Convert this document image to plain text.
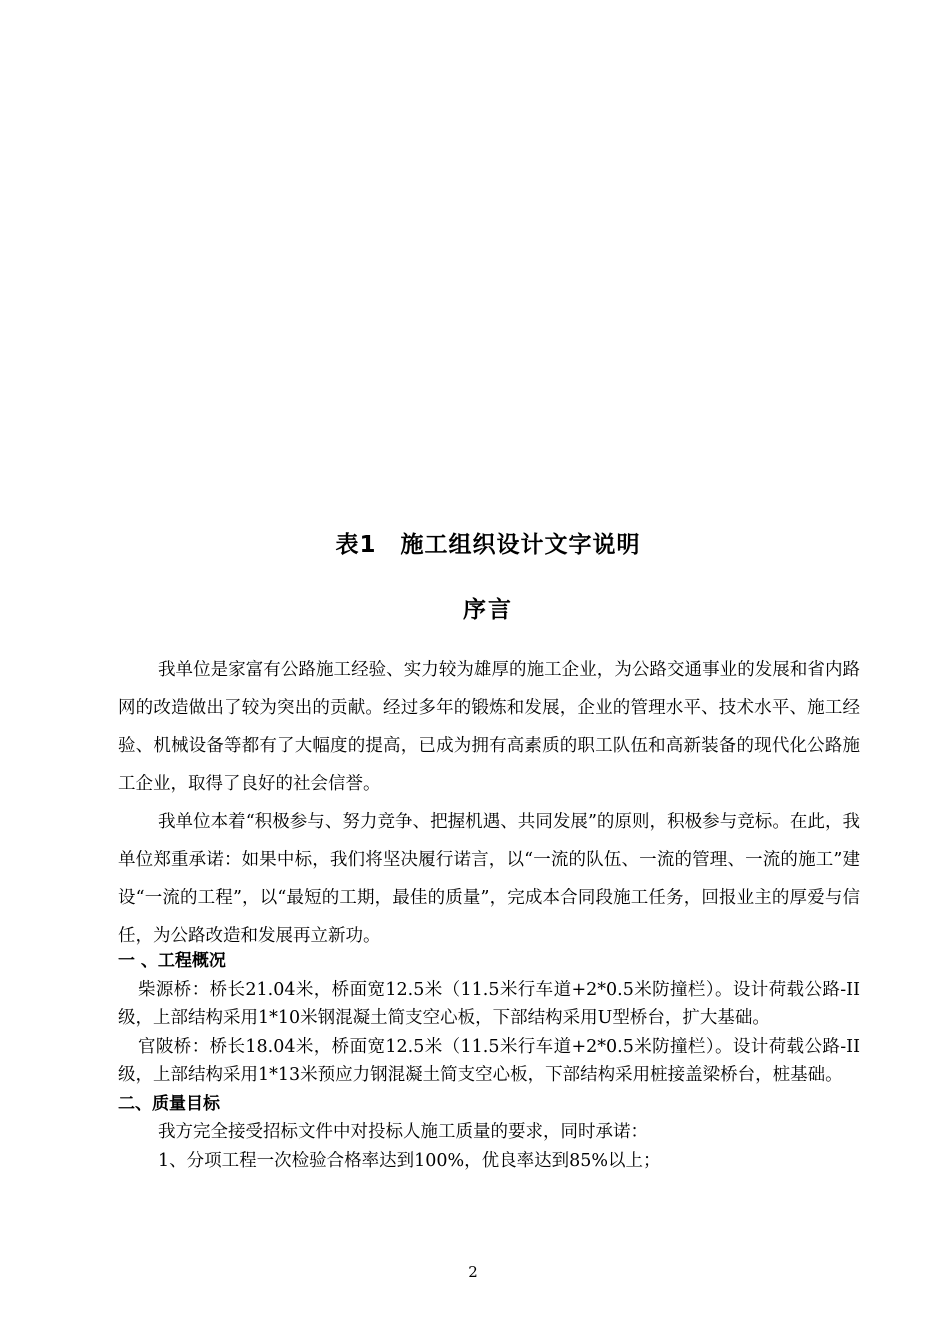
表1　施工组织设计文字说明
序言

我单位是家富有公路施工经验、实力较为雄厚的施工企业，为公路交通事业的发展和省内路网的改造做出了较为突出的贡献。经过多年的锻炼和发展，企业的管理水平、技术水平、施工经验、机械设备等都有了大幅度的提高，已成为拥有高素质的职工队伍和高新装备的现代化公路施工企业，取得了良好的社会信誉。

我单位本着“积极参与、努力竞争、把握机遇、共同发展”的原则，积极参与竞标。在此，我单位郑重承诺：如果中标，我们将坚决履行诺言，以“一流的队伍、一流的管理、一流的施工”建设“一流的工程”，以“最短的工期，最佳的质量”，完成本合同段施工任务，回报业主的厚爱与信任，为公路改造和发展再立新功。

一 、工程概况

柴源桥：桥长21.04米，桥面宽12.5米（11.5米行车道+2*0.5米防撞栏）。设计荷载公路-II级，上部结构采用1*10米钢混凝土简支空心板，下部结构采用U型桥台，扩大基础。

官陂桥：桥长18.04米，桥面宽12.5米（11.5米行车道+2*0.5米防撞栏）。设计荷载公路-II级，上部结构采用1*13米预应力钢混凝土简支空心板，下部结构采用桩接盖梁桥台，桩基础。

二、质量目标

我方完全接受招标文件中对投标人施工质量的要求，同时承诺：

1、分项工程一次检验合格率达到100%，优良率达到85%以上；

2
